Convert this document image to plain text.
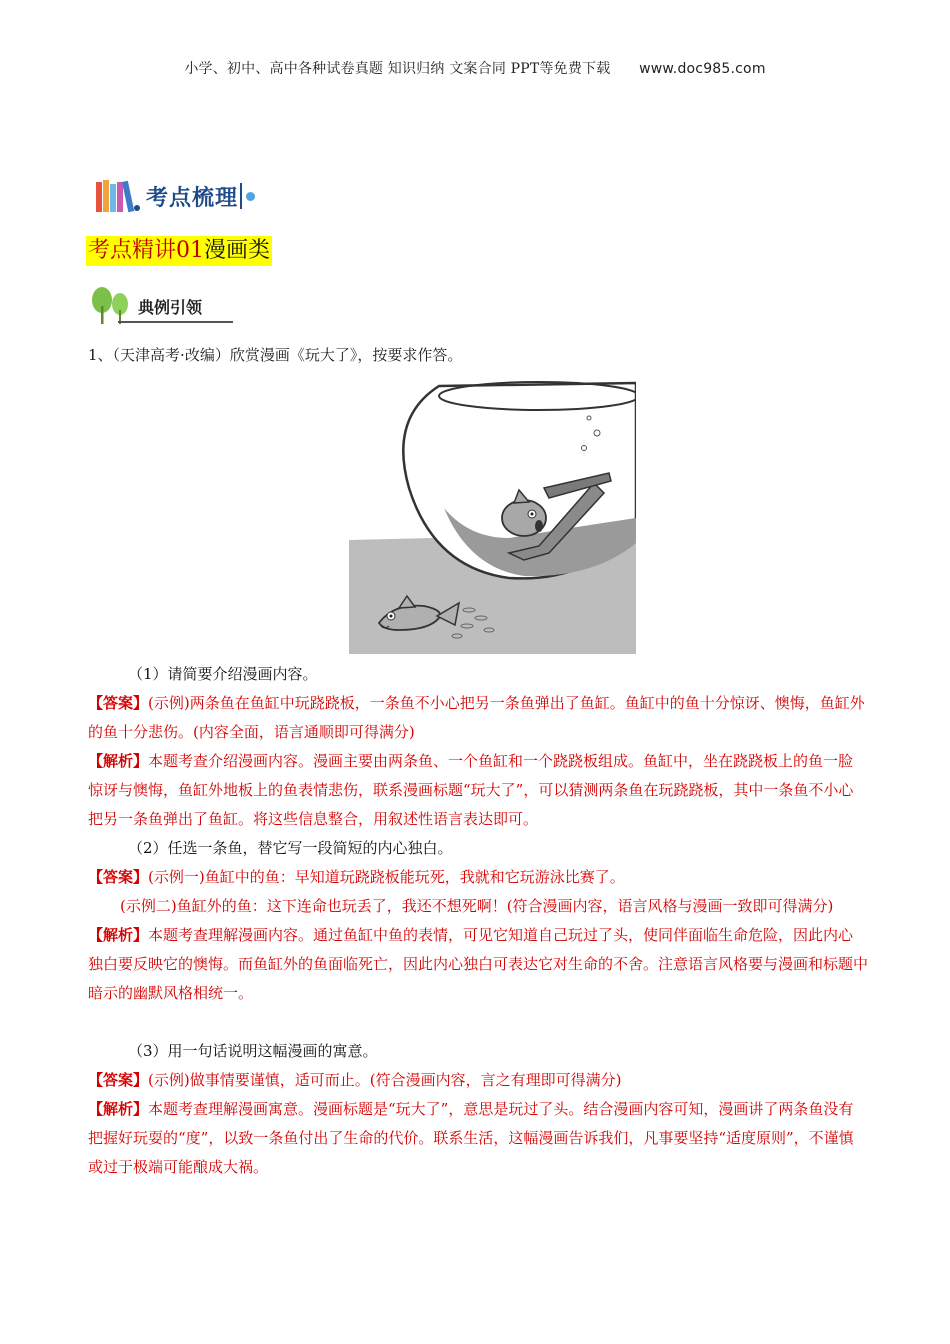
小学、初中、高中各种试卷真题 知识归纳 文案合同 PPT等免费下载 www.doc985.com
考点梳理
考点精讲01漫画类
典例引领
1、（天津高考·改编）欣赏漫画《玩大了》，按要求作答。

（1）请简要介绍漫画内容。

【答案】(示例)两条鱼在鱼缸中玩跷跷板，一条鱼不小心把另一条鱼弹出了鱼缸。鱼缸中的鱼十分惊讶、懊悔，鱼缸外的鱼十分悲伤。(内容全面，语言通顺即可得满分)

【解析】本题考查介绍漫画内容。漫画主要由两条鱼、一个鱼缸和一个跷跷板组成。鱼缸中，坐在跷跷板上的鱼一脸惊讶与懊悔，鱼缸外地板上的鱼表情悲伤，联系漫画标题“玩大了”，可以猜测两条鱼在玩跷跷板，其中一条鱼不小心把另一条鱼弹出了鱼缸。将这些信息整合，用叙述性语言表达即可。

（2）任选一条鱼，替它写一段简短的内心独白。

【答案】(示例一)鱼缸中的鱼：早知道玩跷跷板能玩死，我就和它玩游泳比赛了。

(示例二)鱼缸外的鱼：这下连命也玩丢了，我还不想死啊！(符合漫画内容，语言风格与漫画一致即可得满分)

【解析】本题考查理解漫画内容。通过鱼缸中鱼的表情，可见它知道自己玩过了头，使同伴面临生命危险，因此内心独白要反映它的懊悔。而鱼缸外的鱼面临死亡，因此内心独白可表达它对生命的不舍。注意语言风格要与漫画和标题中暗示的幽默风格相统一。

（3）用一句话说明这幅漫画的寓意。

【答案】(示例)做事情要谨慎，适可而止。(符合漫画内容，言之有理即可得满分)

【解析】本题考查理解漫画寓意。漫画标题是“玩大了”，意思是玩过了头。结合漫画内容可知，漫画讲了两条鱼没有把握好玩耍的“度”，以致一条鱼付出了生命的代价。联系生活，这幅漫画告诉我们，凡事要坚持“适度原则”，不谨慎或过于极端可能酿成大祸。
